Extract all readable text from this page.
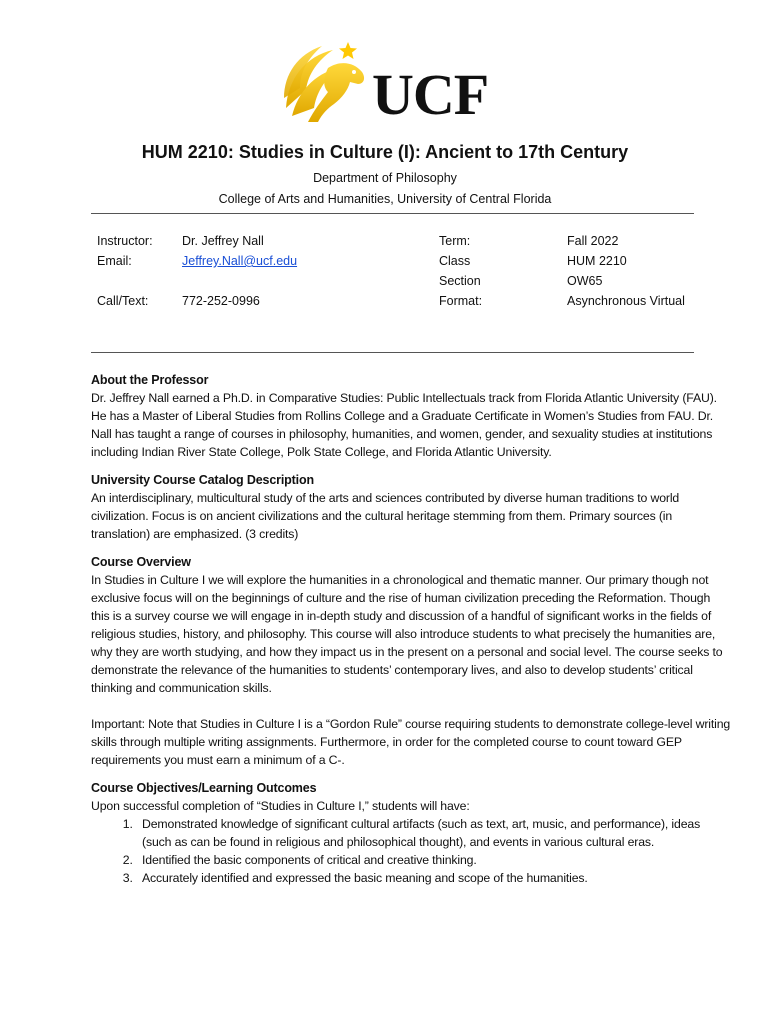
UCF
HUM 2210: Studies in Culture (I): Ancient to 17th Century
Department of Philosophy
College of Arts and Humanities, University of Central Florida
Instructor:
Email:
Call/Text:
Dr. Jeffrey Nall
Jeffrey.Nall@ucf.edu
772-252-0996
Term:
Class
Section
Format:
Fall 2022
HUM 2210
OW65
Asynchronous Virtual
About the Professor

Dr. Jeffrey Nall earned a Ph.D. in Comparative Studies: Public Intellectuals track from Florida Atlantic University (FAU). He has a Master of Liberal Studies from Rollins College and a Graduate Certificate in Women’s Studies from FAU. Dr. Nall has taught a range of courses in philosophy, humanities, and women, gender, and sexuality studies at institutions including Indian River State College, Polk State College, and Florida Atlantic University.

University Course Catalog Description

An interdisciplinary, multicultural study of the arts and sciences contributed by diverse human traditions to world civilization. Focus is on ancient civilizations and the cultural heritage stemming from them. Primary sources (in translation) are emphasized. (3 credits)

Course Overview

In Studies in Culture I we will explore the humanities in a chronological and thematic manner. Our primary though not exclusive focus will on the beginnings of culture and the rise of human civilization preceding the Reformation. Though this is a survey course we will engage in in-depth study and discussion of a handful of significant works in the fields of religious studies, history, and philosophy. This course will also introduce students to what precisely the humanities are, why they are worth studying, and how they impact us in the present on a personal and social level. The course seeks to demonstrate the relevance of the humanities to students’ contemporary lives, and also to develop students’ critical thinking and communication skills.

Important: Note that Studies in Culture I is a “Gordon Rule” course requiring students to demonstrate college-level writing skills through multiple writing assignments. Furthermore, in order for the completed course to count toward GEP requirements you must earn a minimum of a C-.

Course Objectives/Learning Outcomes

Upon successful completion of “Studies in Culture I,” students will have:

1. Demonstrated knowledge of significant cultural artifacts (such as text, art, music, and performance), ideas (such as can be found in religious and philosophical thought), and events in various cultural eras.
2. Identified the basic components of critical and creative thinking.
3. Accurately identified and expressed the basic meaning and scope of the humanities.
